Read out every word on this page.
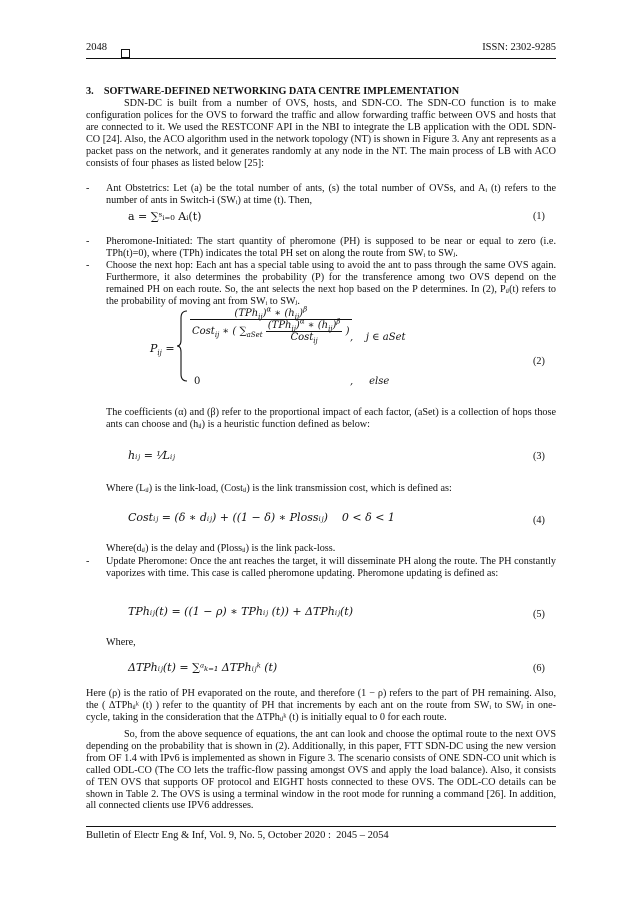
2048	ISSN: 2302-9285
3.    SOFTWARE-DEFINED NETWORKING DATA CENTRE IMPLEMENTATION
SDN-DC is built from a number of OVS, hosts, and SDN-CO. The SDN-CO function is to make configuration polices for the OVS to forward the traffic and allow forwarding traffic between OVS and hosts that are connected to it. We used the RESTCONF API in the NBI to integrate the LB application with the ODL SDN-CO [24]. Also, the ACO algorithm used in the network topology (NT) is shown in Figure 3. Any ant represents as a packet pass on the network, and it generates randomly at any node in the NT. The main process of LB with ACO consists of four phases as listed below [25]:
- Ant Obstetrics: Let (a) be the total number of ants, (s) the total number of OVSs, and Aᵢ (t) refers to the number of ants in Switch-i (SWᵢ) at time (t). Then,
a = ∑ˢᵢ₌₀ Aᵢ(t)	(1)
- Pheromone-Initiated: The start quantity of pheromone (PH) is supposed to be near or equal to zero (i.e. TPh(t)=0), where (TPh) indicates the total PH set on along the route from SWᵢ to SWⱼ.
- Choose the next hop: Each ant has a special table using to avoid the ant to pass through the same OVS again. Furthermore, it also determines the probability (P) for the transference among two OVS depend on the remained PH on each route. So, the ant selects the next hop based on the P determines. In (2), Pᵢⱼ(t) refers to the probability of moving ant from SWᵢ to SWⱼ.
$P_{ij}$ =
$\frac{(TPh_{ij})^\alpha ∗ (h_{ij})^\beta}{Cost_{ij} ∗ ( \sum_{aSet} \frac{(TPh_{ij})^\alpha ∗ (h_{ij})^\beta}{Cost_{ij}} )}$
,    j ∈ aSet
0	,     else
(2)
The coefficients (α) and (β) refer to the proportional impact of each factor, (aSet) is a collection of hops those ants can choose and (hᵢⱼ) is a heuristic function defined as below:
hᵢⱼ = ¹⁄Lᵢⱼ	(3)
Where (Lᵢⱼ) is the link-load, (Costᵢⱼ) is the link transmission cost, which is defined as:
Costᵢⱼ = (δ ∗ dᵢⱼ) + ((1 − δ) ∗ Plossᵢⱼ)    0 < δ < 1	(4)
Where(dᵢⱼ) is the delay and (Plossᵢⱼ) is the link pack-loss.
- Update Pheromone: Once the ant reaches the target, it will disseminate PH along the route. The PH constantly vaporizes with time. This case is called pheromone updating. Pheromone updating is defined as:
TPhᵢⱼ(t) = ((1 − ρ) ∗ TPhᵢⱼ (t)) + ΔTPhᵢⱼ(t)	(5)
Where,
ΔTPhᵢⱼ(t) = ∑ᵃₖ₌₁ ΔTPhᵢⱼᵏ (t)	(6)
Here (ρ) is the ratio of PH evaporated on the route, and therefore (1 − ρ) refers to the part of PH remaining. Also, the ( ΔTPhᵢⱼᵏ (t) ) refer to the quantity of PH that increments by each ant on the route from SWᵢ to SWⱼ in one-cycle, taking in the consideration that the ΔTPhᵢⱼᵏ (t) is initially equal to 0 for each route.
So, from the above sequence of equations, the ant can look and choose the optimal route to the next OVS depending on the probability that is shown in (2). Additionally, in this paper, FTT SDN-DC using the new version from OF 1.4 with IPv6 is implemented as shown in Figure 3. The scenario consists of ONE SDN-CO unit which is called ODL-CO (The CO lets the traffic-flow passing amongst OVS and apply the load balance). Also, it consists of TEN OVS that supports OF protocol and EIGHT hosts connected to these OVS. The ODL-CO details can be shown in Table 2. The OVS is using a terminal window in the root mode for running a command [26]. In addition, all connected clients use IPV6 addresses.
Bulletin of Electr Eng & Inf, Vol. 9, No. 5, October 2020 :  2045 – 2054
